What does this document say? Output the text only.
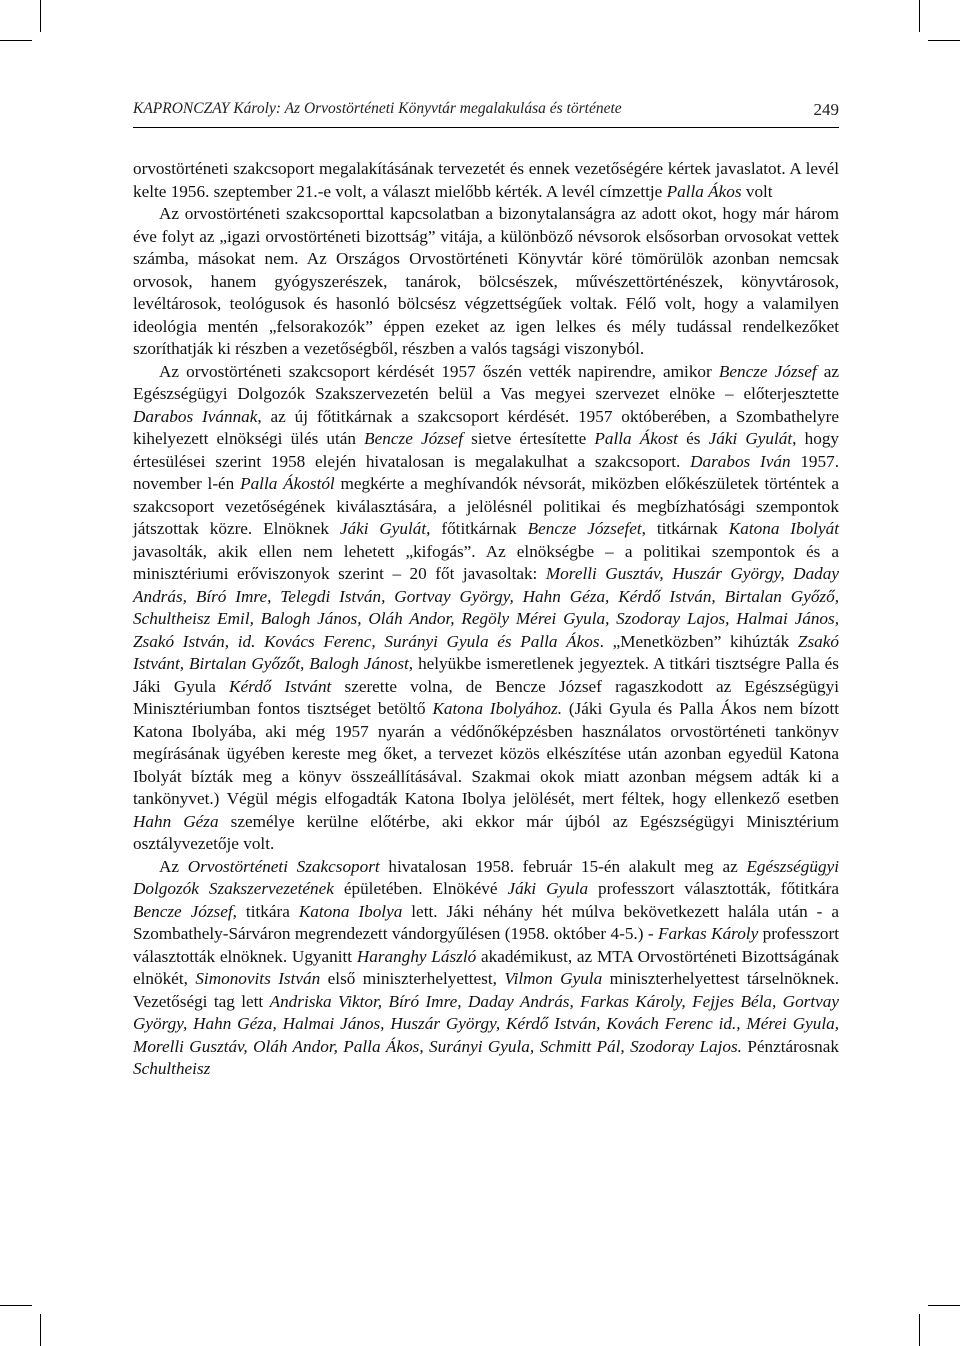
KAPRONCZAY Károly: Az Orvostörténeti Könyvtár megalakulása és története	249

orvostörténeti szakcsoport megalakításának tervezetét és ennek vezetőségére kértek javaslatot. A levél kelte 1956. szeptember 21.-e volt, a választ mielőbb kérték. A levél címzettje Palla Ákos volt

Az orvostörténeti szakcsoporttal kapcsolatban a bizonytalanságra az adott okot, hogy már három éve folyt az „igazi orvostörténeti bizottság” vitája, a különböző névsorok elsősorban orvosokat vettek számba, másokat nem. Az Országos Orvostörténeti Könyvtár köré tömörülök azonban nemcsak orvosok, hanem gyógyszerészek, tanárok, bölcsészek, művészettörténészek, könyvtárosok, levéltárosok, teológusok és hasonló bölcsész végzettségűek voltak. Félő volt, hogy a valamilyen ideológia mentén „felsorakozók” éppen ezeket az igen lelkes és mély tudással rendelkezőket szoríthatják ki részben a vezetőségből, részben a valós tagsági viszonyból.

Az orvostörténeti szakcsoport kérdését 1957 őszén vették napirendre, amikor Bencze József az Egészségügyi Dolgozók Szakszervezetén belül a Vas megyei szervezet elnöke – előterjesztette Darabos Ivánnak, az új főtitkárnak a szakcsoport kérdését. 1957 októberében, a Szombathelyre kihelyezett elnökségi ülés után Bencze József sietve értesítette Palla Ákost és Jáki Gyulát, hogy értesülései szerint 1958 elején hivatalosan is megalakulhat a szakcsoport. Darabos Iván 1957. november l-én Palla Ákostól megkérte a meghívandók névsorát, miközben előkészületek történtek a szakcsoport vezetőségének kiválasztására, a jelölésnél politikai és megbízhatósági szempontok játszottak közre. Elnöknek Jáki Gyulát, főtitkárnak Bencze Józsefet, titkárnak Katona Ibolyát javasolták, akik ellen nem lehetett „kifogás”. Az elnökségbe – a politikai szempontok és a minisztériumi erőviszonyok szerint – 20 főt javasoltak: Morelli Gusztáv, Huszár György, Daday András, Bíró Imre, Telegdi István, Gortvay György, Hahn Géza, Kérdő István, Birtalan Győző, Schultheisz Emil, Balogh János, Oláh Andor, Regöly Mérei Gyula, Szodoray Lajos, Halmai János, Zsakó István, id. Kovács Ferenc, Surányi Gyula és Palla Ákos. „Menetközben” kihúzták Zsakó Istvánt, Birtalan Győzőt, Balogh Jánost, helyükbe ismeretlenek jegyeztek. A titkári tisztségre Palla és Jáki Gyula Kérdő Istvánt szerette volna, de Bencze József ragaszkodott az Egészségügyi Minisztériumban fontos tisztséget betöltő Katona Ibolyához. (Jáki Gyula és Palla Ákos nem bízott Katona Ibolyába, aki még 1957 nyarán a védőnőképzésben használatos orvostörténeti tankönyv megírásának ügyében kereste meg őket, a tervezet közös elkészítése után azonban egyedül Katona Ibolyát bízták meg a könyv összeállításával. Szakmai okok miatt azonban mégsem adták ki a tankönyvet.) Végül mégis elfogadták Katona Ibolya jelölését, mert féltek, hogy ellenkező esetben Hahn Géza személye kerülne előtérbe, aki ekkor már újból az Egészségügyi Minisztérium osztályvezetője volt.

Az Orvostörténeti Szakcsoport hivatalosan 1958. február 15-én alakult meg az Egészségügyi Dolgozók Szakszervezetének épületében. Elnökévé Jáki Gyula professzort választották, főtitkára Bencze József, titkára Katona Ibolya lett. Jáki néhány hét múlva bekövetkezett halála után - a Szombathely-Sárváron megrendezett vándorgyűlésen (1958. október 4-5.) - Farkas Károly professzort választották elnöknek. Ugyanitt Haranghy László akadémikust, az MTA Orvostörténeti Bizottságának elnökét, Simonovits István első miniszterhelyettest, Vilmon Gyula miniszterhelyettest társelnöknek. Vezetőségi tag lett Andriska Viktor, Bíró Imre, Daday András, Farkas Károly, Fejjes Béla, Gortvay György, Hahn Géza, Halmai János, Huszár György, Kérdő István, Kovách Ferenc id., Mérei Gyula, Morelli Gusztáv, Oláh Andor, Palla Ákos, Surányi Gyula, Schmitt Pál, Szodoray Lajos. Pénztárosnak Schultheisz
